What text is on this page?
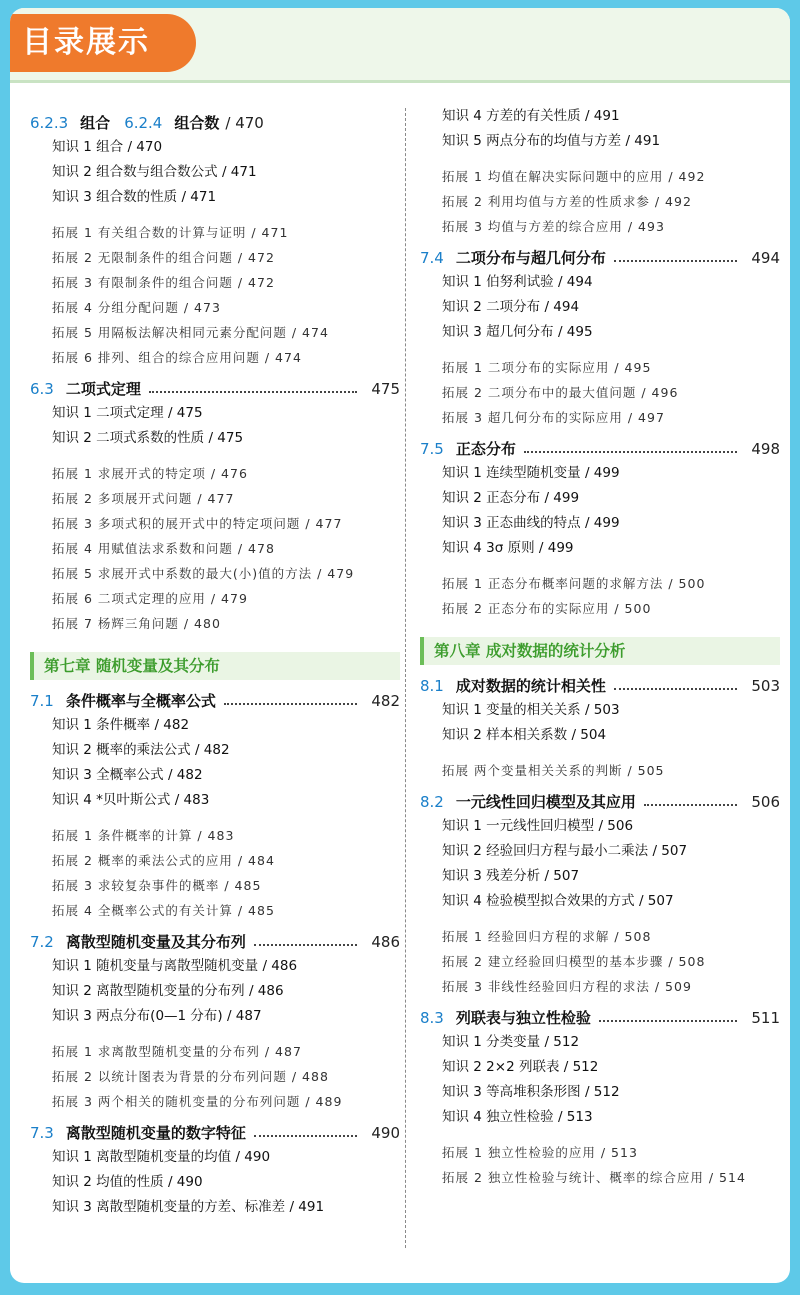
目录展示
6.2.3 组合 6.2.4 组合数 / 470
知识 1 组合 / 470
知识 2 组合数与组合数公式 / 471
知识 3 组合数的性质 / 471
拓展 1 有关组合数的计算与证明 / 471
拓展 2 无限制条件的组合问题 / 472
拓展 3 有限制条件的组合问题 / 472
拓展 4 分组分配问题 / 473
拓展 5 用隔板法解决相同元素分配问题 / 474
拓展 6 排列、组合的综合应用问题 / 474
6.3 二项式定理	475
知识 1 二项式定理 / 475
知识 2 二项式系数的性质 / 475
拓展 1 求展开式的特定项 / 476
拓展 2 多项展开式问题 / 477
拓展 3 多项式积的展开式中的特定项问题 / 477
拓展 4 用赋值法求系数和问题 / 478
拓展 5 求展开式中系数的最大(小)值的方法 / 479
拓展 6 二项式定理的应用 / 479
拓展 7 杨辉三角问题 / 480
第七章 随机变量及其分布
7.1 条件概率与全概率公式	482
知识 1 条件概率 / 482
知识 2 概率的乘法公式 / 482
知识 3 全概率公式 / 482
知识 4 *贝叶斯公式 / 483
拓展 1 条件概率的计算 / 483
拓展 2 概率的乘法公式的应用 / 484
拓展 3 求较复杂事件的概率 / 485
拓展 4 全概率公式的有关计算 / 485
7.2 离散型随机变量及其分布列	486
知识 1 随机变量与离散型随机变量 / 486
知识 2 离散型随机变量的分布列 / 486
知识 3 两点分布(0—1 分布) / 487
拓展 1 求离散型随机变量的分布列 / 487
拓展 2 以统计图表为背景的分布列问题 / 488
拓展 3 两个相关的随机变量的分布列问题 / 489
7.3 离散型随机变量的数字特征	490
知识 1 离散型随机变量的均值 / 490
知识 2 均值的性质 / 490
知识 3 离散型随机变量的方差、标准差 / 491
知识 4 方差的有关性质 / 491
知识 5 两点分布的均值与方差 / 491
拓展 1 均值在解决实际问题中的应用 / 492
拓展 2 利用均值与方差的性质求参 / 492
拓展 3 均值与方差的综合应用 / 493
7.4 二项分布与超几何分布	494
知识 1 伯努利试验 / 494
知识 2 二项分布 / 494
知识 3 超几何分布 / 495
拓展 1 二项分布的实际应用 / 495
拓展 2 二项分布中的最大值问题 / 496
拓展 3 超几何分布的实际应用 / 497
7.5 正态分布	498
知识 1 连续型随机变量 / 499
知识 2 正态分布 / 499
知识 3 正态曲线的特点 / 499
知识 4 3σ 原则 / 499
拓展 1 正态分布概率问题的求解方法 / 500
拓展 2 正态分布的实际应用 / 500
第八章 成对数据的统计分析
8.1 成对数据的统计相关性	503
知识 1 变量的相关关系 / 503
知识 2 样本相关系数 / 504
拓展 两个变量相关关系的判断 / 505
8.2 一元线性回归模型及其应用	506
知识 1 一元线性回归模型 / 506
知识 2 经验回归方程与最小二乘法 / 507
知识 3 残差分析 / 507
知识 4 检验模型拟合效果的方式 / 507
拓展 1 经验回归方程的求解 / 508
拓展 2 建立经验回归模型的基本步骤 / 508
拓展 3 非线性经验回归方程的求法 / 509
8.3 列联表与独立性检验	511
知识 1 分类变量 / 512
知识 2 2×2 列联表 / 512
知识 3 等高堆积条形图 / 512
知识 4 独立性检验 / 513
拓展 1 独立性检验的应用 / 513
拓展 2 独立性检验与统计、概率的综合应用 / 514
